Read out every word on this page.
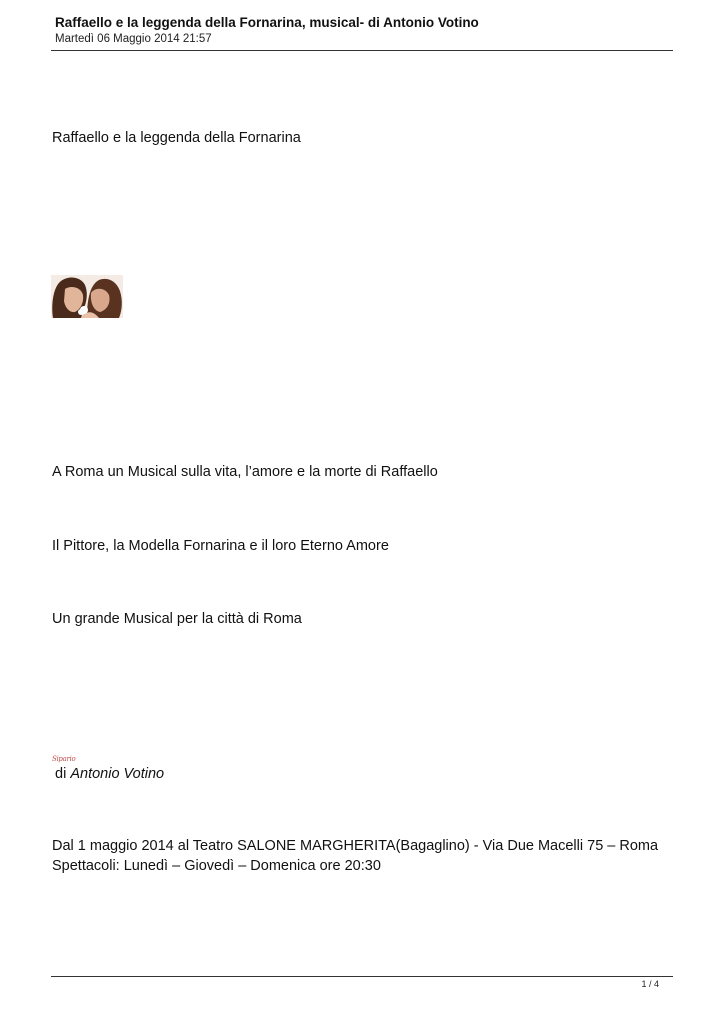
Raffaello e la leggenda della Fornarina, musical- di Antonio Votino
Martedì 06 Maggio 2014 21:57
Raffaello e la leggenda della Fornarina
A Roma un Musical sulla vita, l’amore e la morte di Raffaello
Il Pittore, la Modella Fornarina e il loro Eterno Amore
Un grande Musical per la città di Roma
Sipario
di Antonio Votino
Dal 1 maggio 2014 al Teatro SALONE MARGHERITA(Bagaglino) - Via Due Macelli 75 – Roma
Spettacoli: Lunedì – Giovedì – Domenica ore 20:30
1 / 4
